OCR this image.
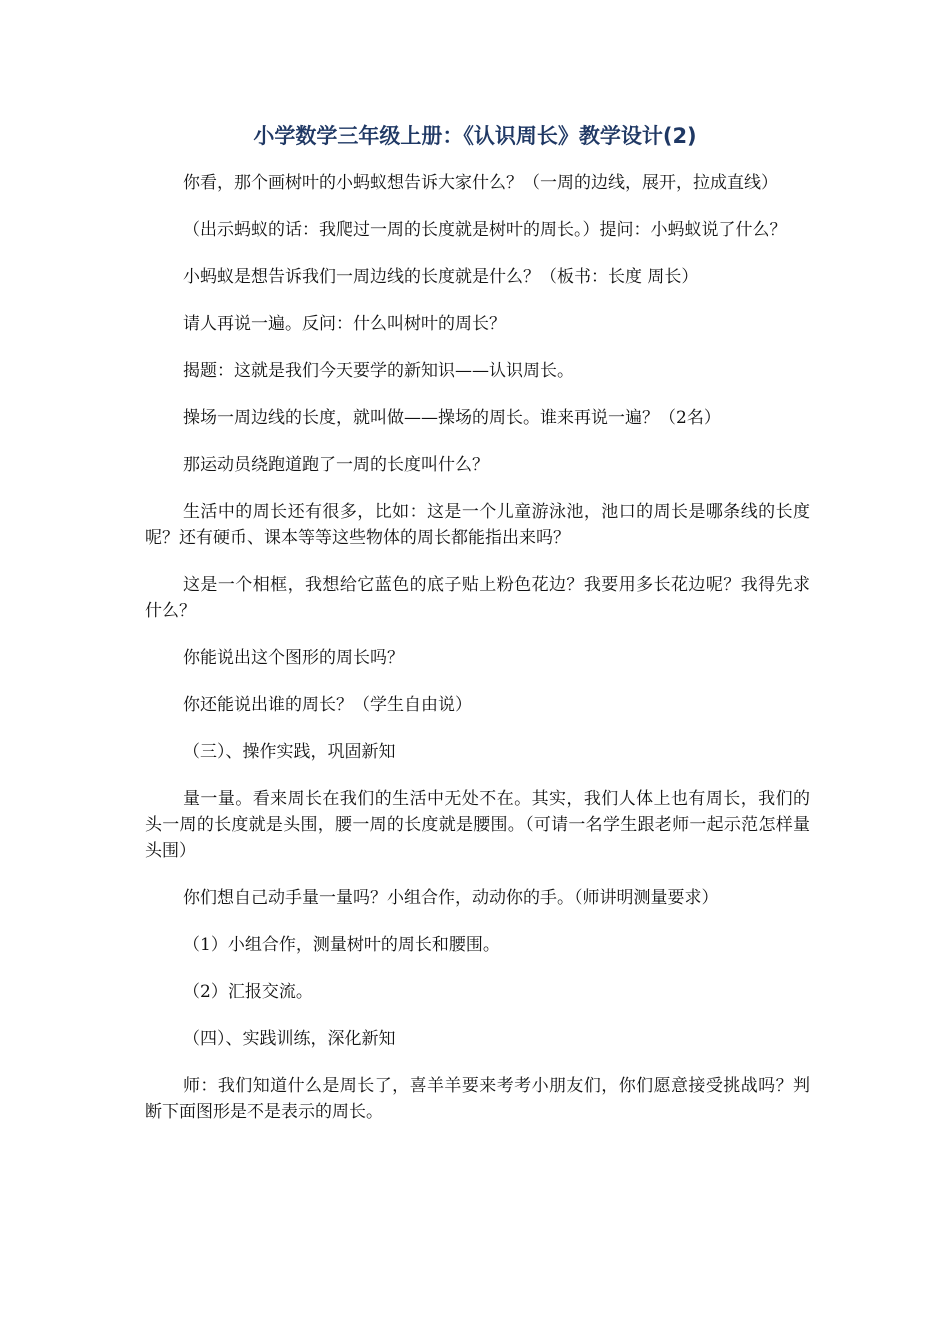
小学数学三年级上册：《认识周长》教学设计(2)

你看，那个画树叶的小蚂蚁想告诉大家什么？（一周的边线，展开，拉成直线）

（出示蚂蚁的话：我爬过一周的长度就是树叶的周长。）提问：小蚂蚁说了什么？

小蚂蚁是想告诉我们一周边线的长度就是什么？（板书：长度 周长）

请人再说一遍。反问：什么叫树叶的周长？

揭题：这就是我们今天要学的新知识——认识周长。

操场一周边线的长度，就叫做——操场的周长。谁来再说一遍？（2名）

那运动员绕跑道跑了一周的长度叫什么？

生活中的周长还有很多，比如：这是一个儿童游泳池，池口的周长是哪条线的长度呢？还有硬币、课本等等这些物体的周长都能指出来吗？

这是一个相框，我想给它蓝色的底子贴上粉色花边？我要用多长花边呢？我得先求什么？

你能说出这个图形的周长吗？

你还能说出谁的周长？（学生自由说）

（三）、操作实践，巩固新知

量一量。看来周长在我们的生活中无处不在。其实，我们人体上也有周长，我们的头一周的长度就是头围，腰一周的长度就是腰围。（可请一名学生跟老师一起示范怎样量头围）

你们想自己动手量一量吗？小组合作，动动你的手。（师讲明测量要求）

（1）小组合作，测量树叶的周长和腰围。

（2）汇报交流。

（四）、实践训练，深化新知

师：我们知道什么是周长了，喜羊羊要来考考小朋友们，你们愿意接受挑战吗？判断下面图形是不是表示的周长。
